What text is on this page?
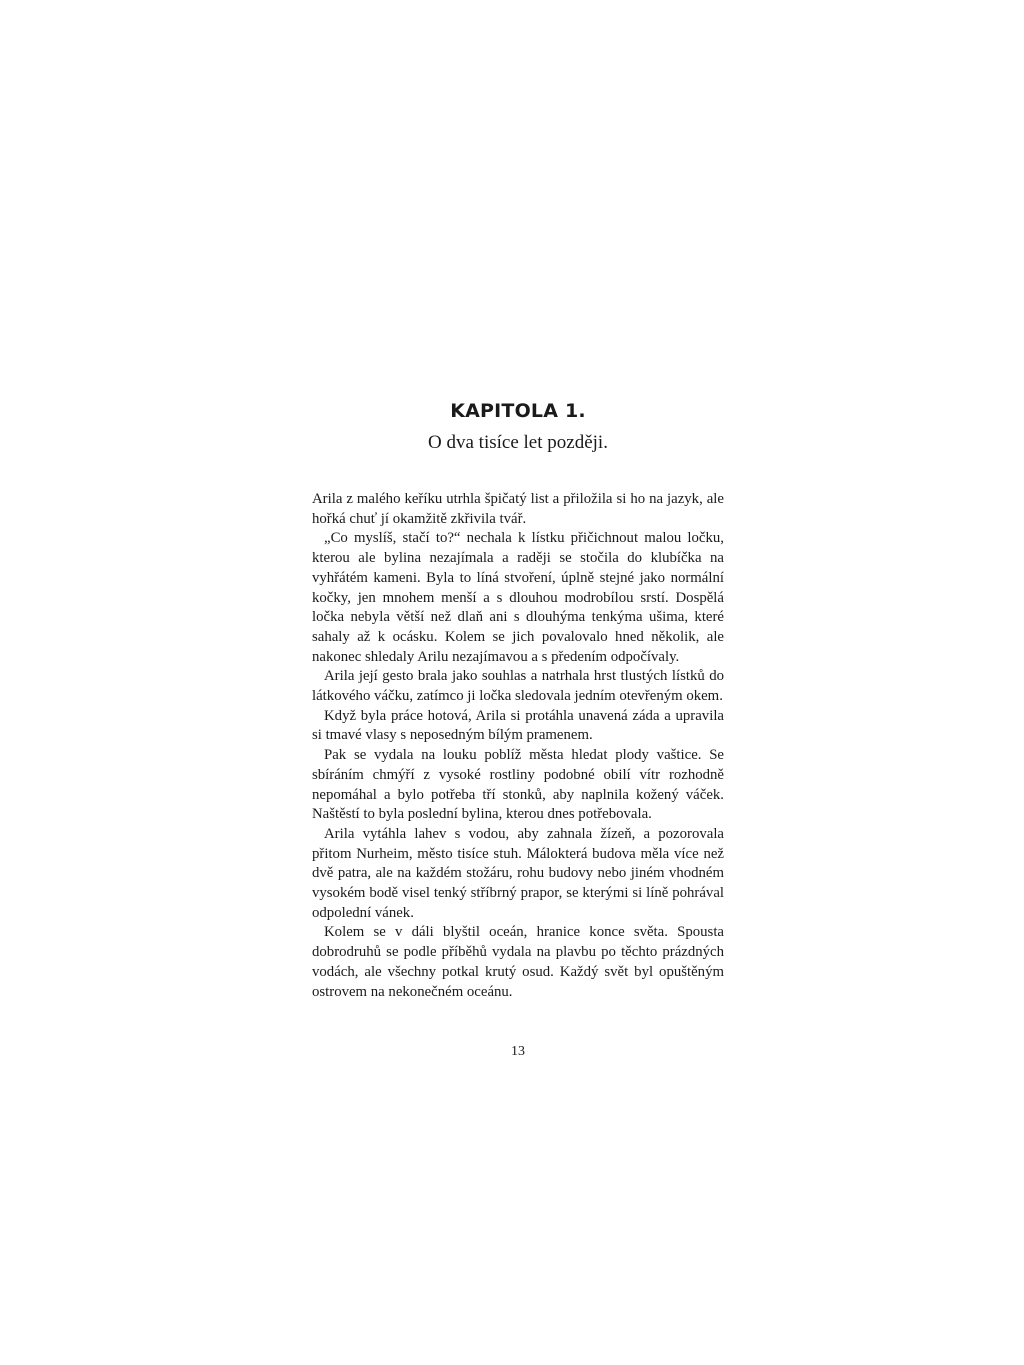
KAPITOLA 1.
O dva tisíce let později.

Arila z malého keříku utrhla špičatý list a přiložila si ho na jazyk, ale hořká chuť jí okamžitě zkřivila tvář.

„Co myslíš, stačí to?“ nechala k lístku přičichnout malou ločku, kterou ale bylina nezajímala a raději se stočila do klubíčka na vyhřátém kameni. Byla to líná stvoření, úplně stejné jako normální kočky, jen mnohem menší a s dlouhou modrobílou srstí. Dospělá ločka nebyla větší než dlaň ani s dlouhýma tenkýma ušima, které sahaly až k ocásku. Kolem se jich povalovalo hned několik, ale nakonec shledaly Arilu nezajímavou a s předením odpočívaly.

Arila její gesto brala jako souhlas a natrhala hrst tlustých lístků do látkového váčku, zatímco ji ločka sledovala jedním otevřeným okem.

Když byla práce hotová, Arila si protáhla unavená záda a upravila si tmavé vlasy s neposedným bílým pramenem.

Pak se vydala na louku poblíž města hledat plody vaštice. Se sbíráním chmýří z vysoké rostliny podobné obilí vítr rozhodně nepomáhal a bylo potřeba tří stonků, aby naplnila kožený váček. Naštěstí to byla poslední bylina, kterou dnes potřebovala.

Arila vytáhla lahev s vodou, aby zahnala žízeň, a pozorovala přitom Nurheim, město tisíce stuh. Málokterá budova měla více než dvě patra, ale na každém stožáru, rohu budovy nebo jiném vhodném vysokém bodě visel tenký stříbrný prapor, se kterými si líně pohrával odpolední vánek.

Kolem se v dáli blyštil oceán, hranice konce světa. Spousta dobrodruhů se podle příběhů vydala na plavbu po těchto prázdných vodách, ale všechny potkal krutý osud. Každý svět byl opuštěným ostrovem na nekonečném oceánu.

13
